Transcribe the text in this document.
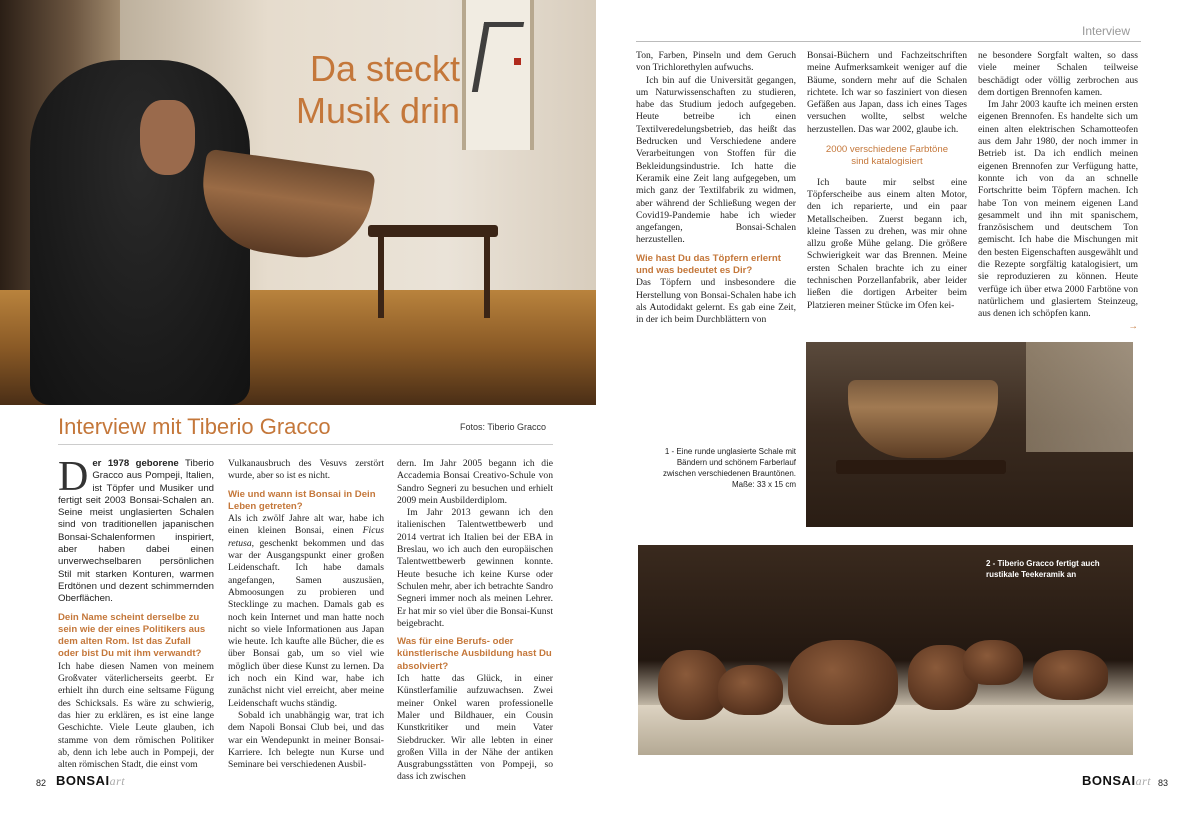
Da steckt
Musik drin
Interview mit Tiberio Gracco	Fotos: Tiberio Gracco

Der 1978 geborene Tiberio Gracco aus Pompeji, Italien, ist Töpfer und Musiker und fertigt seit 2003 Bonsai-Schalen an. Seine meist unglasierten Schalen sind von traditionellen japanischen Bonsai-Schalenformen inspiriert, aber haben dabei einen unverwechselbaren persönlichen Stil mit starken Konturen, warmen Erdtönen und dezent schimmernden Oberflächen.

Dein Name scheint derselbe zu sein wie der eines Politikers aus dem alten Rom. Ist das Zufall oder bist Du mit ihm verwandt?

Ich habe diesen Namen von meinem Großvater väterlicherseits geerbt. Er erhielt ihn durch eine seltsame Fügung des Schicksals. Es wäre zu schwierig, das hier zu erklären, es ist eine lange Geschichte. Viele Leute glauben, ich stamme von dem römischen Politiker ab, denn ich lebe auch in Pompeji, der alten römischen Stadt, die einst vom

Vulkanausbruch des Vesuvs zerstört wurde, aber so ist es nicht.

Wie und wann ist Bonsai in Dein Leben getreten?

Als ich zwölf Jahre alt war, habe ich einen kleinen Bonsai, einen Ficus retusa, geschenkt bekommen und das war der Ausgangspunkt einer großen Leidenschaft. Ich habe damals angefangen, Samen auszusäen, Abmoosungen zu probieren und Stecklinge zu machen. Damals gab es noch kein Internet und man hatte noch nicht so viele Informationen aus Japan wie heute. Ich kaufte alle Bücher, die es über Bonsai gab, um so viel wie möglich über diese Kunst zu lernen. Da ich noch ein Kind war, habe ich zunächst nicht viel erreicht, aber meine Leidenschaft wuchs ständig.

Sobald ich unabhängig war, trat ich dem Napoli Bonsai Club bei, und das war ein Wendepunkt in meiner Bonsai-Karriere. Ich belegte nun Kurse und Seminare bei verschiedenen Ausbil-

dern. Im Jahr 2005 begann ich die Accademia Bonsai Creativo-Schule von Sandro Segneri zu besuchen und erhielt 2009 mein Ausbilderdiplom.

Im Jahr 2013 gewann ich den italienischen Talentwettbewerb und 2014 vertrat ich Italien bei der EBA in Breslau, wo ich auch den europäischen Talentwettbewerb gewinnen konnte. Heute besuche ich keine Kurse oder Schulen mehr, aber ich betrachte Sandro Segneri immer noch als meinen Lehrer. Er hat mir so viel über die Bonsai-Kunst beigebracht.

Was für eine Berufs- oder künstlerische Ausbildung hast Du absolviert?

Ich hatte das Glück, in einer Künstlerfamilie aufzuwachsen. Zwei meiner Onkel waren professionelle Maler und Bildhauer, ein Cousin Kunstkritiker und mein Vater Siebdrucker. Wir alle lebten in einer großen Villa in der Nähe der antiken Ausgrabungsstätten von Pompeji, so dass ich zwischen

82 BONSAIart
Interview

Ton, Farben, Pinseln und dem Geruch von Trichlorethylen aufwuchs.

Ich bin auf die Universität gegangen, um Naturwissenschaften zu studieren, habe das Studium jedoch aufgegeben. Heute betreibe ich einen Textilveredelungsbetrieb, das heißt das Bedrucken und Verschiedene andere Verarbeitungen von Stoffen für die Bekleidungsindustrie. Ich hatte die Keramik eine Zeit lang aufgegeben, um mich ganz der Textilfabrik zu widmen, aber während der Schließung wegen der Covid19-Pandemie habe ich wieder angefangen, Bonsai-Schalen herzustellen.

Wie hast Du das Töpfern erlernt und was bedeutet es Dir?

Das Töpfern und insbesondere die Herstellung von Bonsai-Schalen habe ich als Autodidakt gelernt. Es gab eine Zeit, in der ich beim Durchblättern von

Bonsai-Büchern und Fachzeitschriften meine Aufmerksamkeit weniger auf die Bäume, sondern mehr auf die Schalen richtete. Ich war so fasziniert von diesen Gefäßen aus Japan, dass ich eines Tages versuchen wollte, selbst welche herzustellen. Das war 2002, glaube ich.

2000 verschiedene Farbtöne
sind katalogisiert

Ich baute mir selbst eine Töpferscheibe aus einem alten Motor, den ich reparierte, und ein paar Metallscheiben. Zuerst begann ich, kleine Tassen zu drehen, was mir ohne allzu große Mühe gelang. Die größere Schwierigkeit war das Brennen. Meine ersten Schalen brachte ich zu einer technischen Porzellanfabrik, aber leider ließen die dortigen Arbeiter beim Platzieren meiner Stücke im Ofen kei-

ne besondere Sorgfalt walten, so dass viele meiner Schalen teilweise beschädigt oder völlig zerbrochen aus dem dortigen Brennofen kamen.

Im Jahr 2003 kaufte ich meinen ersten eigenen Brennofen. Es handelte sich um einen alten elektrischen Schamotteofen aus dem Jahr 1980, der noch immer in Betrieb ist. Da ich endlich meinen eigenen Brennofen zur Verfügung hatte, konnte ich von da an schnelle Fortschritte beim Töpfern machen. Ich habe Ton von meinem eigenen Land gesammelt und ihn mit spanischem, französischem und deutschem Ton gemischt. Ich habe die Mischungen mit den besten Eigenschaften ausgewählt und die Rezepte sorgfältig katalogisiert, um sie reproduzieren zu können. Heute verfüge ich über etwa 2000 Farbtöne von natürlichem und glasiertem Steinzeug, aus denen ich schöpfen kann.

→
1 - Eine runde unglasierte Schale mit Bändern und schönem Farberlauf zwischen verschiedenen Brauntönen. Maße: 33 x 15 cm
2 - Tiberio Gracco fertigt auch rustikale Teekeramik an
BONSAIart 83
